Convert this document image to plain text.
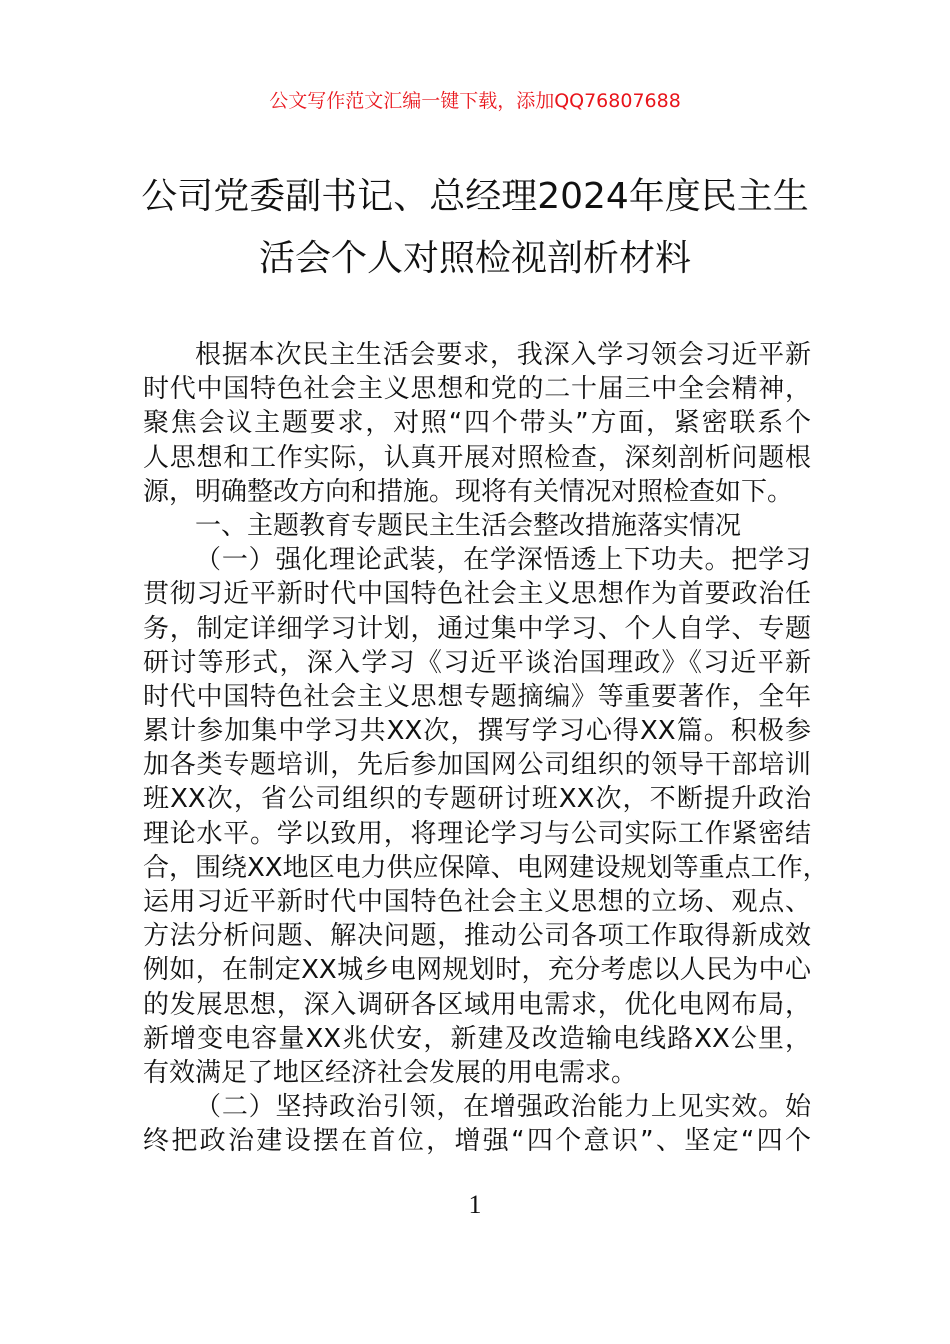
公文写作范文汇编一键下载，添加QQ76807688
公司党委副书记、总经理2024年度民主生
活会个人对照检视剖析材料
根据本次民主生活会要求，我深入学习领会习近平新
时代中国特色社会主义思想和党的二十届三中全会精神，
聚焦会议主题要求，对照“四个带头”方面，紧密联系个
人思想和工作实际，认真开展对照检查，深刻剖析问题根
源，明确整改方向和措施。现将有关情况对照检查如下。
一、主题教育专题民主生活会整改措施落实情况
（一）强化理论武装，在学深悟透上下功夫。把学习
贯彻习近平新时代中国特色社会主义思想作为首要政治任
务，制定详细学习计划，通过集中学习、个人自学、专题
研讨等形式，深入学习《习近平谈治国理政》《习近平新
时代中国特色社会主义思想专题摘编》等重要著作，全年
累计参加集中学习共XX次，撰写学习心得XX篇。积极参
加各类专题培训，先后参加国网公司组织的领导干部培训
班XX次，省公司组织的专题研讨班XX次，不断提升政治
理论水平。学以致用，将理论学习与公司实际工作紧密结
合，围绕XX地区电力供应保障、电网建设规划等重点工作，
运用习近平新时代中国特色社会主义思想的立场、观点、
方法分析问题、解决问题，推动公司各项工作取得新成效
例如，在制定XX城乡电网规划时，充分考虑以人民为中心
的发展思想，深入调研各区域用电需求，优化电网布局，
新增变电容量XX兆伏安，新建及改造输电线路XX公里，
有效满足了地区经济社会发展的用电需求。
（二）坚持政治引领，在增强政治能力上见实效。始
终把政治建设摆在首位，增强“四个意识”、坚定“四个
1
